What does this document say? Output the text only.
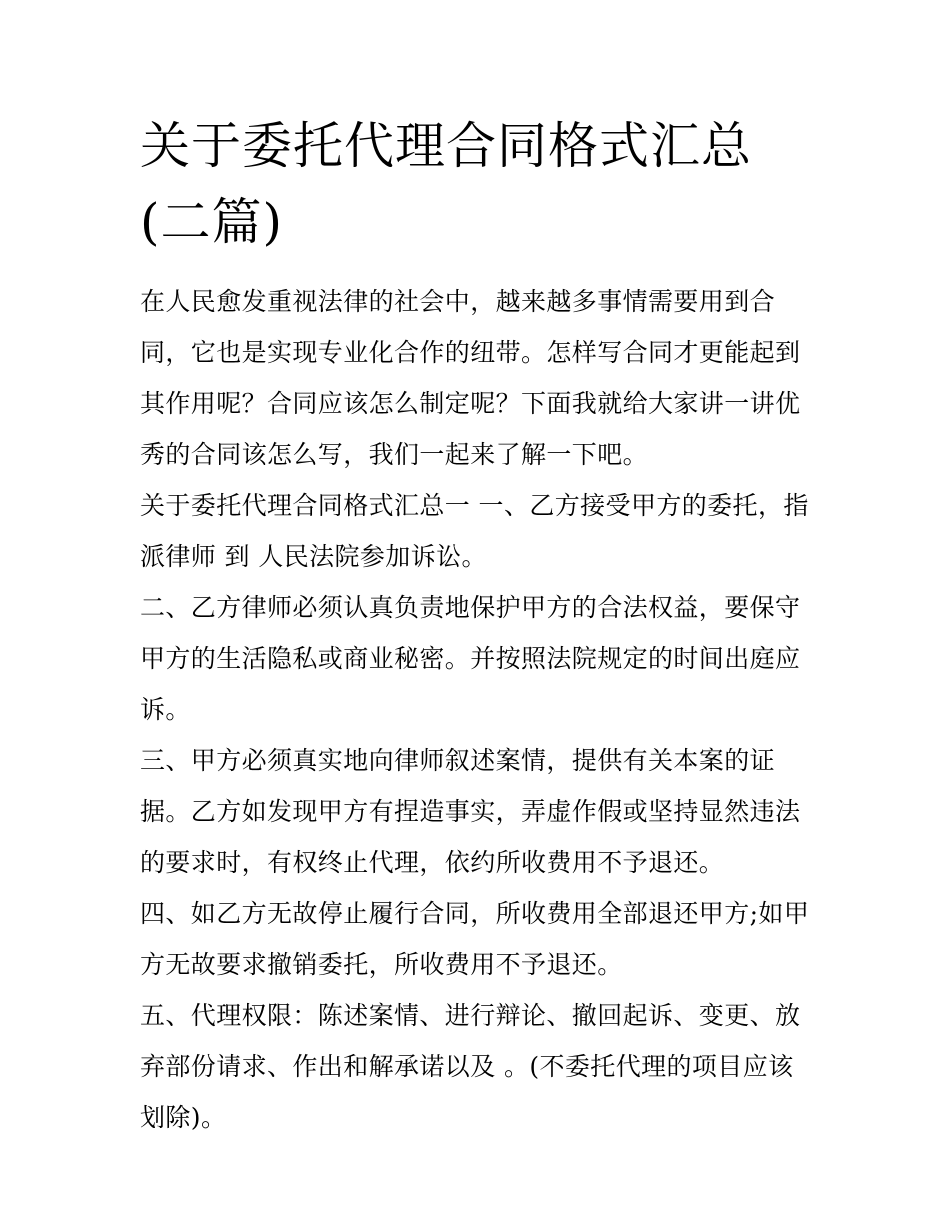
关于委托代理合同格式汇总(二篇)

在人民愈发重视法律的社会中，越来越多事情需要用到合同，它也是实现专业化合作的纽带。怎样写合同才更能起到其作用呢？合同应该怎么制定呢？下面我就给大家讲一讲优秀的合同该怎么写，我们一起来了解一下吧。

关于委托代理合同格式汇总一 一、乙方接受甲方的委托，指派律师 到 人民法院参加诉讼。

二、乙方律师必须认真负责地保护甲方的合法权益，要保守甲方的生活隐私或商业秘密。并按照法院规定的时间出庭应诉。

三、甲方必须真实地向律师叙述案情，提供有关本案的证据。乙方如发现甲方有捏造事实，弄虚作假或坚持显然违法的要求时，有权终止代理，依约所收费用不予退还。

四、如乙方无故停止履行合同，所收费用全部退还甲方;如甲方无故要求撤销委托，所收费用不予退还。

五、代理权限：陈述案情、进行辩论、撤回起诉、变更、放弃部份请求、作出和解承诺以及 。(不委托代理的项目应该划除)。
